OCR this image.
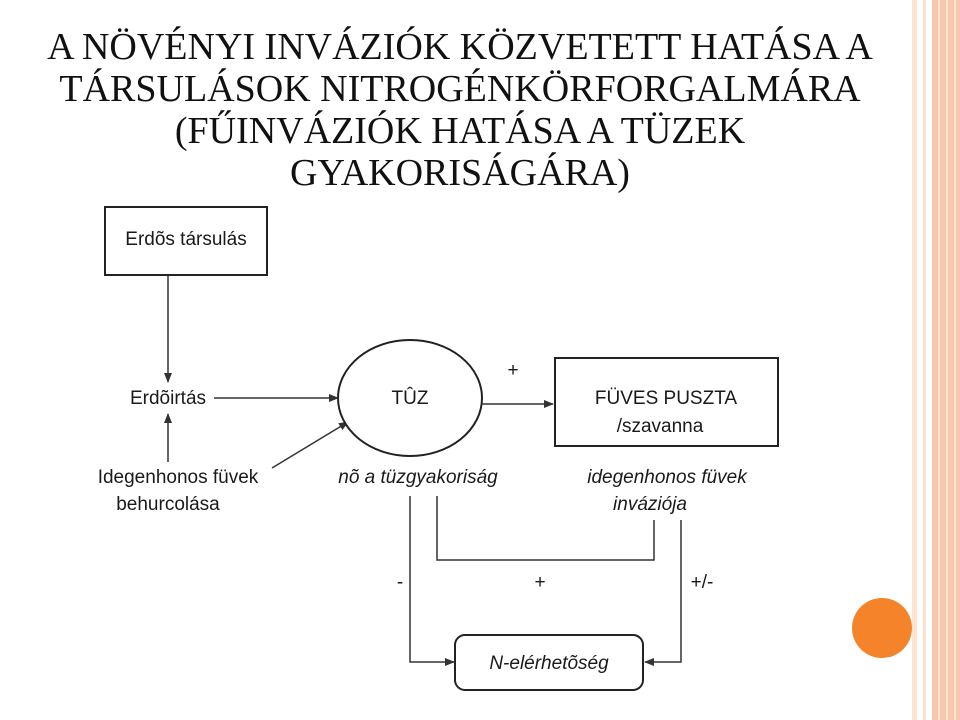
A NÖVÉNYI INVÁZIÓK KÖZVETETT HATÁSA A TÁRSULÁSOK NITROGÉNKÖRFORGALMÁRA (FŰINVÁZIÓK HATÁSA A TÜZEK GYAKORISÁGÁRA)
Erdõs társulás
Erdõirtás
Idegenhonos füvek
behurcolása
TÛZ
+
FÜVES PUSZTA
/szavanna
nõ a tüzgyakoriság	idegenhonos füvek
inváziója
+
-	+/-
N-elérhetõség
